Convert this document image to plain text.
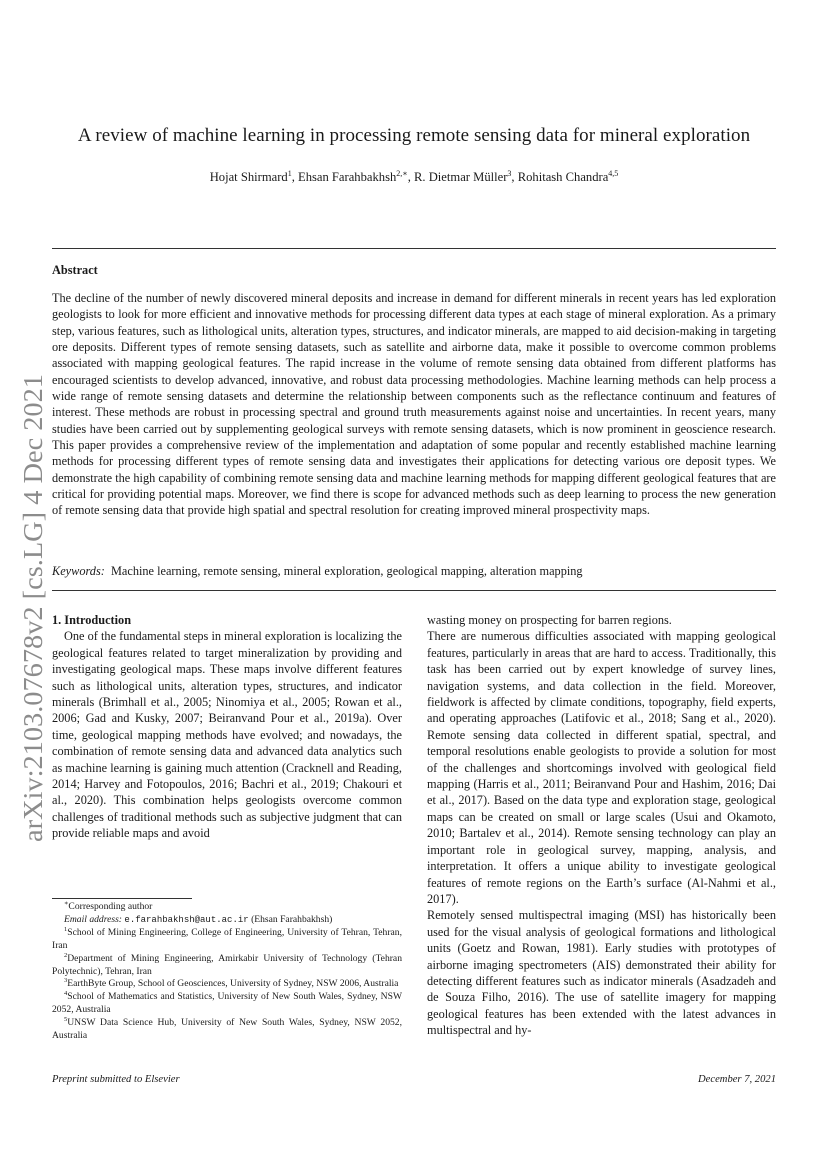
arXiv:2103.07678v2 [cs.LG] 4 Dec 2021
A review of machine learning in processing remote sensing data for mineral exploration
Hojat Shirmard$^1$, Ehsan Farahbakhsh$^{2,∗}$, R. Dietmar Müller$^3$, Rohitash Chandra$^{4,5}$
Abstract
The decline of the number of newly discovered mineral deposits and increase in demand for different minerals in recent years has led exploration geologists to look for more efficient and innovative methods for processing different data types at each stage of mineral exploration. As a primary step, various features, such as lithological units, alteration types, structures, and indicator minerals, are mapped to aid decision-making in targeting ore deposits. Different types of remote sensing datasets, such as satellite and airborne data, make it possible to overcome common problems associated with mapping geological features. The rapid increase in the volume of remote sensing data obtained from different platforms has encouraged scientists to develop advanced, innovative, and robust data processing methodologies. Machine learning methods can help process a wide range of remote sensing datasets and determine the relationship between components such as the reflectance continuum and features of interest. These methods are robust in processing spectral and ground truth measurements against noise and uncertainties. In recent years, many studies have been carried out by supplementing geological surveys with remote sensing datasets, which is now prominent in geoscience research. This paper provides a comprehensive review of the implementation and adaptation of some popular and recently established machine learning methods for processing different types of remote sensing data and investigates their applications for detecting various ore deposit types. We demonstrate the high capability of combining remote sensing data and machine learning methods for mapping different geological features that are critical for providing potential maps. Moreover, we find there is scope for advanced methods such as deep learning to process the new generation of remote sensing data that provide high spatial and spectral resolution for creating improved mineral prospectivity maps.
Keywords: Machine learning, remote sensing, mineral exploration, geological mapping, alteration mapping

1. Introduction

One of the fundamental steps in mineral exploration is localizing the geological features related to target mineralization by providing and investigating geological maps. These maps involve different features such as lithological units, alteration types, structures, and indicator minerals (Brimhall et al., 2005; Ninomiya et al., 2005; Rowan et al., 2006; Gad and Kusky, 2007; Beiranvand Pour et al., 2019a). Over time, geological mapping methods have evolved; and nowadays, the combination of remote sensing data and advanced data analytics such as machine learning is gaining much attention (Cracknell and Reading, 2014; Harvey and Fotopoulos, 2016; Bachri et al., 2019; Chakouri et al., 2020). This combination helps geologists overcome common challenges of traditional methods such as subjective judgment that can provide reliable maps and avoid

wasting money on prospecting for barren regions.

There are numerous difficulties associated with mapping geological features, particularly in areas that are hard to access. Traditionally, this task has been carried out by expert knowledge of survey lines, navigation systems, and data collection in the field. Moreover, fieldwork is affected by climate conditions, topography, field experts, and operating approaches (Latifovic et al., 2018; Sang et al., 2020). Remote sensing data collected in different spatial, spectral, and temporal resolutions enable geologists to provide a solution for most of the challenges and shortcomings involved with geological field mapping (Harris et al., 2011; Beiranvand Pour and Hashim, 2016; Dai et al., 2017). Based on the data type and exploration stage, geological maps can be created on small or large scales (Usui and Okamoto, 2010; Bartalev et al., 2014). Remote sensing technology can play an important role in geological survey, mapping, analysis, and interpretation. It offers a unique ability to investigate geological features of remote regions on the Earth’s surface (Al-Nahmi et al., 2017).

Remotely sensed multispectral imaging (MSI) has historically been used for the visual analysis of geological formations and lithological units (Goetz and Rowan, 1981). Early studies with prototypes of airborne imaging spectrometers (AIS) demonstrated their ability for detecting different features such as indicator minerals (Asadzadeh and de Souza Filho, 2016). The use of satellite imagery for mapping geological features has been extended with the latest advances in multispectral and hy-

∗Corresponding author

Email address: e.farahbakhsh@aut.ac.ir (Ehsan Farahbakhsh)

$^1$School of Mining Engineering, College of Engineering, University of Tehran, Tehran, Iran

$^2$Department of Mining Engineering, Amirkabir University of Technology (Tehran Polytechnic), Tehran, Iran

$^3$EarthByte Group, School of Geosciences, University of Sydney, NSW 2006, Australia

$^4$School of Mathematics and Statistics, University of New South Wales, Sydney, NSW 2052, Australia

$^5$UNSW Data Science Hub, University of New South Wales, Sydney, NSW 2052, Australia

Preprint submitted to Elsevier	December 7, 2021
